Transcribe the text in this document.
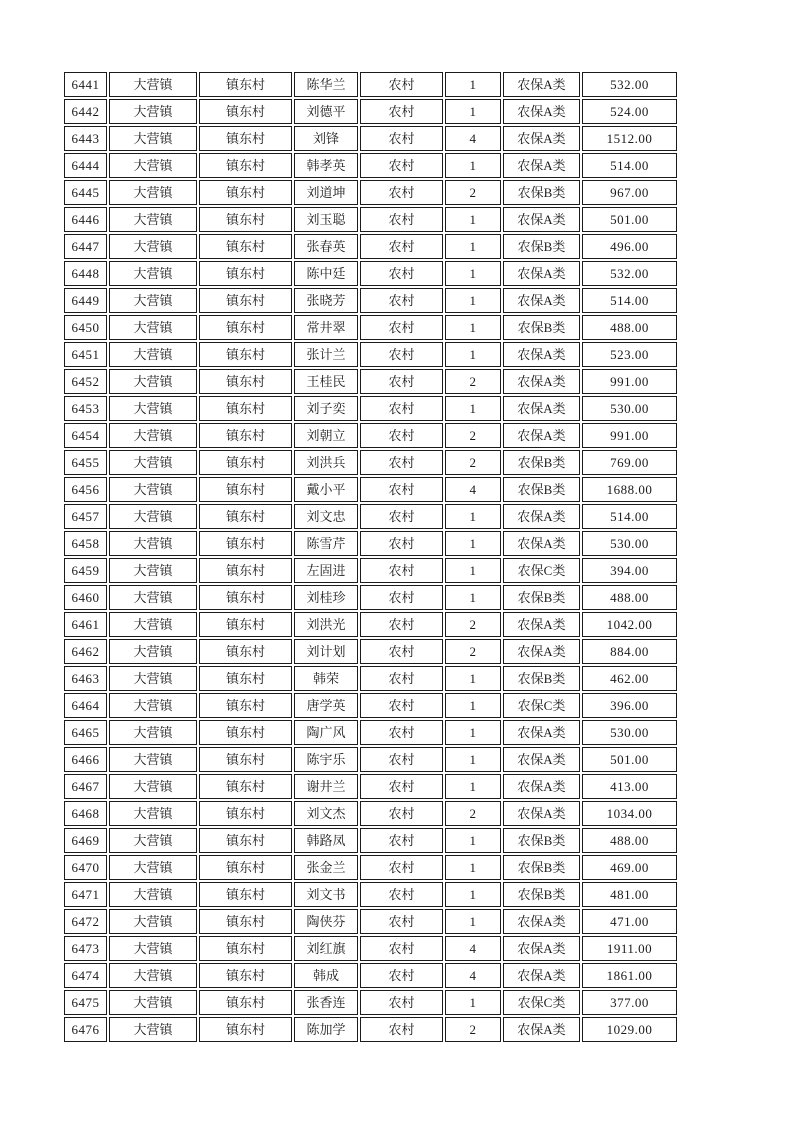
6441	大营镇	镇东村	陈华兰	农村	1	农保A类	532.00
6442	大营镇	镇东村	刘德平	农村	1	农保A类	524.00
6443	大营镇	镇东村	刘锋	农村	4	农保A类	1512.00
6444	大营镇	镇东村	韩孝英	农村	1	农保A类	514.00
6445	大营镇	镇东村	刘道坤	农村	2	农保B类	967.00
6446	大营镇	镇东村	刘玉聪	农村	1	农保A类	501.00
6447	大营镇	镇东村	张春英	农村	1	农保B类	496.00
6448	大营镇	镇东村	陈中廷	农村	1	农保A类	532.00
6449	大营镇	镇东村	张晓芳	农村	1	农保A类	514.00
6450	大营镇	镇东村	常井翠	农村	1	农保B类	488.00
6451	大营镇	镇东村	张计兰	农村	1	农保A类	523.00
6452	大营镇	镇东村	王桂民	农村	2	农保A类	991.00
6453	大营镇	镇东村	刘子奕	农村	1	农保A类	530.00
6454	大营镇	镇东村	刘朝立	农村	2	农保A类	991.00
6455	大营镇	镇东村	刘洪兵	农村	2	农保B类	769.00
6456	大营镇	镇东村	戴小平	农村	4	农保B类	1688.00
6457	大营镇	镇东村	刘文忠	农村	1	农保A类	514.00
6458	大营镇	镇东村	陈雪芹	农村	1	农保A类	530.00
6459	大营镇	镇东村	左固进	农村	1	农保C类	394.00
6460	大营镇	镇东村	刘桂珍	农村	1	农保B类	488.00
6461	大营镇	镇东村	刘洪光	农村	2	农保A类	1042.00
6462	大营镇	镇东村	刘计划	农村	2	农保A类	884.00
6463	大营镇	镇东村	韩荣	农村	1	农保B类	462.00
6464	大营镇	镇东村	唐学英	农村	1	农保C类	396.00
6465	大营镇	镇东村	陶广风	农村	1	农保A类	530.00
6466	大营镇	镇东村	陈宇乐	农村	1	农保A类	501.00
6467	大营镇	镇东村	谢井兰	农村	1	农保A类	413.00
6468	大营镇	镇东村	刘文杰	农村	2	农保A类	1034.00
6469	大营镇	镇东村	韩路凤	农村	1	农保B类	488.00
6470	大营镇	镇东村	张金兰	农村	1	农保B类	469.00
6471	大营镇	镇东村	刘文书	农村	1	农保B类	481.00
6472	大营镇	镇东村	陶侠芬	农村	1	农保A类	471.00
6473	大营镇	镇东村	刘红旗	农村	4	农保A类	1911.00
6474	大营镇	镇东村	韩成	农村	4	农保A类	1861.00
6475	大营镇	镇东村	张香连	农村	1	农保C类	377.00
6476	大营镇	镇东村	陈加学	农村	2	农保A类	1029.00
